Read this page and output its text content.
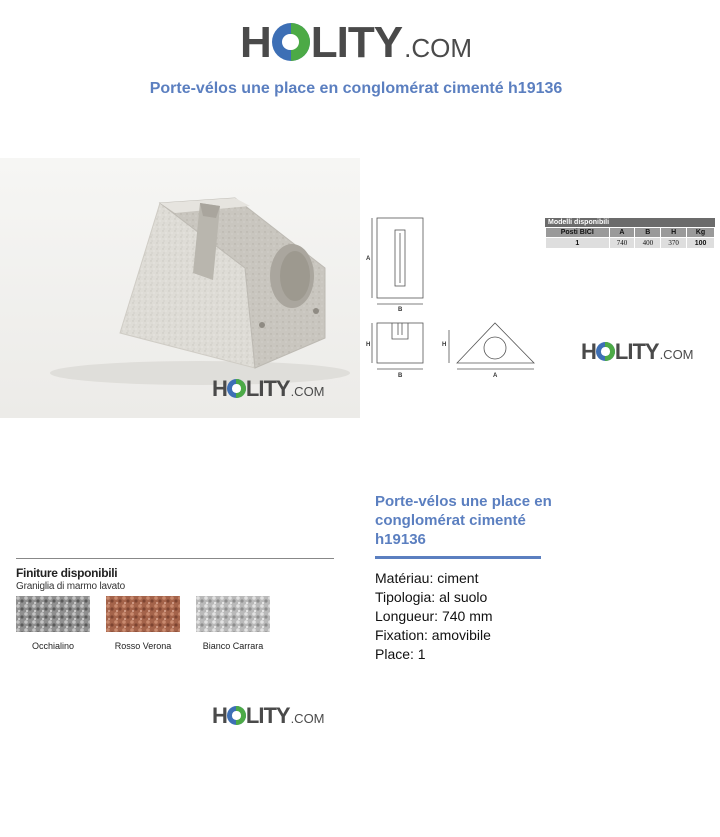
H LITY .COM
Porte-vélos une place en conglomérat cimenté h19136
H LITY .COM
A
B
H
B
H
A
Modelli disponibili
Posti BICI	A	B	H	Kg
1	740	400	370	100
H LITY .COM
Finiture disponibili
Graniglia di marmo lavato
Occhialino	Rosso Verona	Bianco Carrara
H LITY .COM
Porte-vélos une place en conglomérat cimenté h19136
Matériau: ciment
Tipologia: al suolo
Longueur: 740 mm
Fixation: amovibile
Place: 1
